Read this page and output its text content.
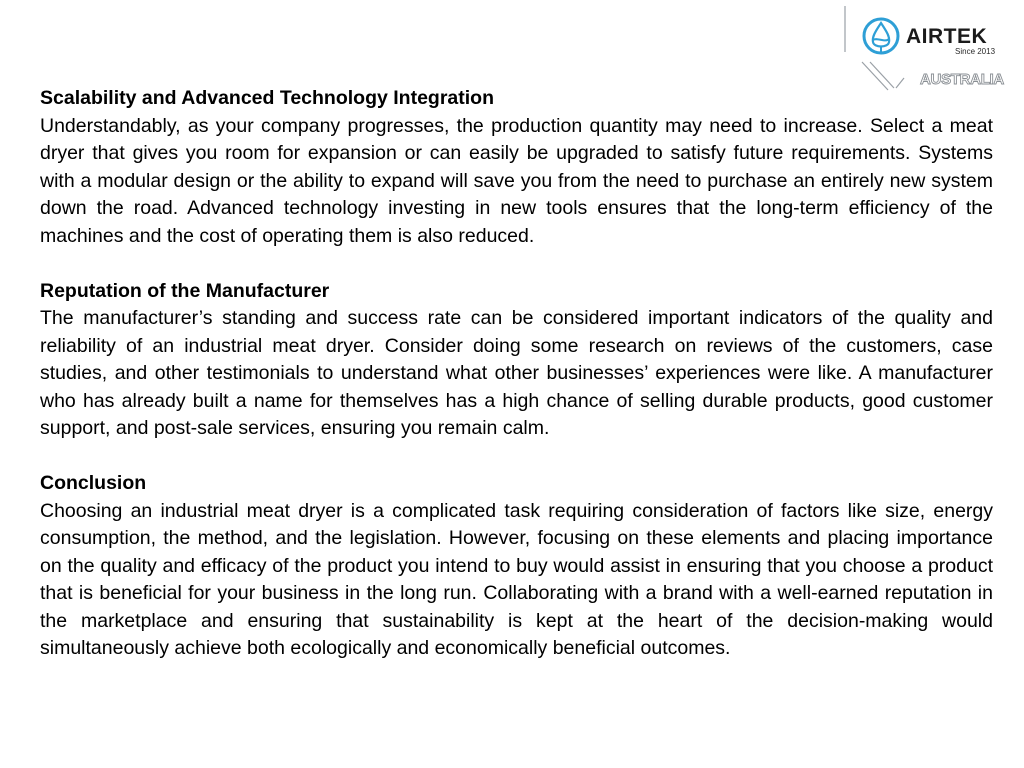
AIRTEK
Since 2013
AUSTRALIA

Scalability and Advanced Technology Integration

Understandably, as your company progresses, the production quantity may need to increase. Select a meat dryer that gives you room for expansion or can easily be upgraded to satisfy future requirements. Systems with a modular design or the ability to expand will save you from the need to purchase an entirely new system down the road. Advanced technology investing in new tools ensures that the long-term efficiency of the machines and the cost of operating them is also reduced.

Reputation of the Manufacturer

The manufacturer’s standing and success rate can be considered important indicators of the quality and reliability of an industrial meat dryer. Consider doing some research on reviews of the customers, case studies, and other testimonials to understand what other businesses’ experiences were like. A manufacturer who has already built a name for themselves has a high chance of selling durable products, good customer support, and post-sale services, ensuring you remain calm.

Conclusion

Choosing an industrial meat dryer is a complicated task requiring consideration of factors like size, energy consumption, the method, and the legislation. However, focusing on these elements and placing importance on the quality and efficacy of the product you intend to buy would assist in ensuring that you choose a product that is beneficial for your business in the long run. Collaborating with a brand with a well-earned reputation in the marketplace and ensuring that sustainability is kept at the heart of the decision-making would simultaneously achieve both ecologically and economically beneficial outcomes.
